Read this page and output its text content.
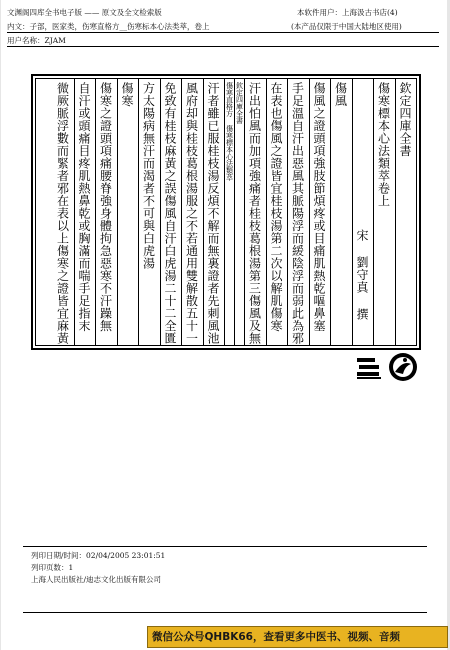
文渊阁四库全书电子版 —— 原文及全文检索版	本软件用户：上海汲古书店(4)
内文：子部，医家类，伤寒直格方__伤寒标本心法类萃，卷上	(本产品仅限于中国大陆地区使用)
用户名称：ZJAM
欽定四庫全書
傷寒標本心法類萃卷上
宋 劉守真 撰
傷風
傷風之證頭項強肢節煩疼或目痛肌熱乾嘔鼻塞
手足溫自汗出惡風其脈陽浮而緩陰浮而弱此為邪
在表也傷風之證皆宜桂枝湯第二次以解肌傷寒
汗出怕風而加項強痛者桂枝葛根湯第三傷風及無
欽定四庫全書
傷寒直格方 傷寒標本心法類萃
汗者雖已服桂枝湯反煩不解而無裏證者先刺風池
風府却與桂枝葛根湯服之不若通用雙解散五十一
免致有桂枝麻黃之誤傷風自汗白虎湯二十二全匱
方太陽病無汗而渴者不可與白虎湯
傷寒
傷寒之證頭項痛腰脊強身體拘急惡寒不汗躁無
自汗或頭痛目疼肌熱鼻乾或胸滿而喘手足指末
微厥脈浮數而緊者邪在表以上傷寒之證皆宜麻黃
列印日期/时间：02/04/2005 23:01:51
列印页数：1
上海人民出版社/迪志文化出版有限公司
微信公众号QHBK66，查看更多中医书、视频、音频
